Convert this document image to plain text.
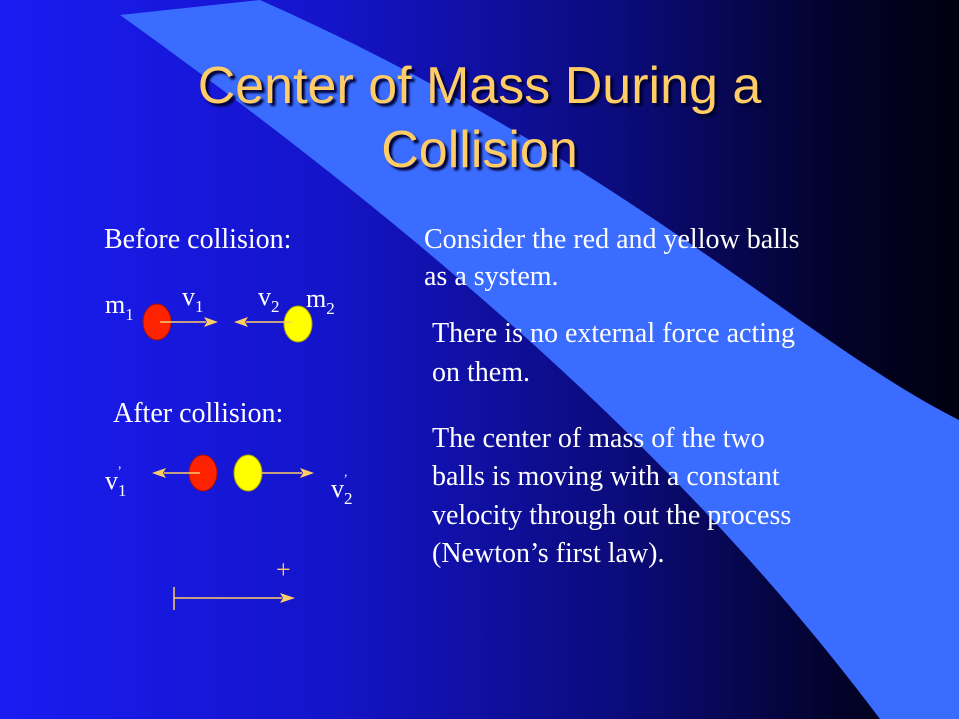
Center of Mass During a
Collision
Before collision:
After collision:
Consider the red and yellow balls
as a system.
There is no external force acting
on them.
The center of mass of the two
balls is moving with a constant
velocity through out the process
(Newton’s first law).
$m_1$
$v_1$ $v_2$ $m_2$
$v_1^’$
$v_2^’$
+
